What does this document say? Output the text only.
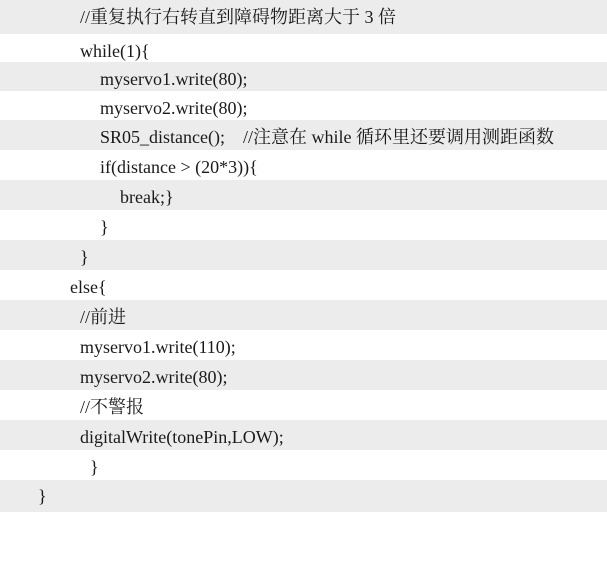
//重复执行右转直到障碍物距离大于 3 倍

while(1){

myservo1.write(80);

myservo2.write(80);

SR05_distance();    //注意在 while 循环里还要调用测距函数

if(distance > (20*3)){

break;}

}

}

else{

//前进

myservo1.write(110);

myservo2.write(80);

//不警报

digitalWrite(tonePin,LOW);

}

}
